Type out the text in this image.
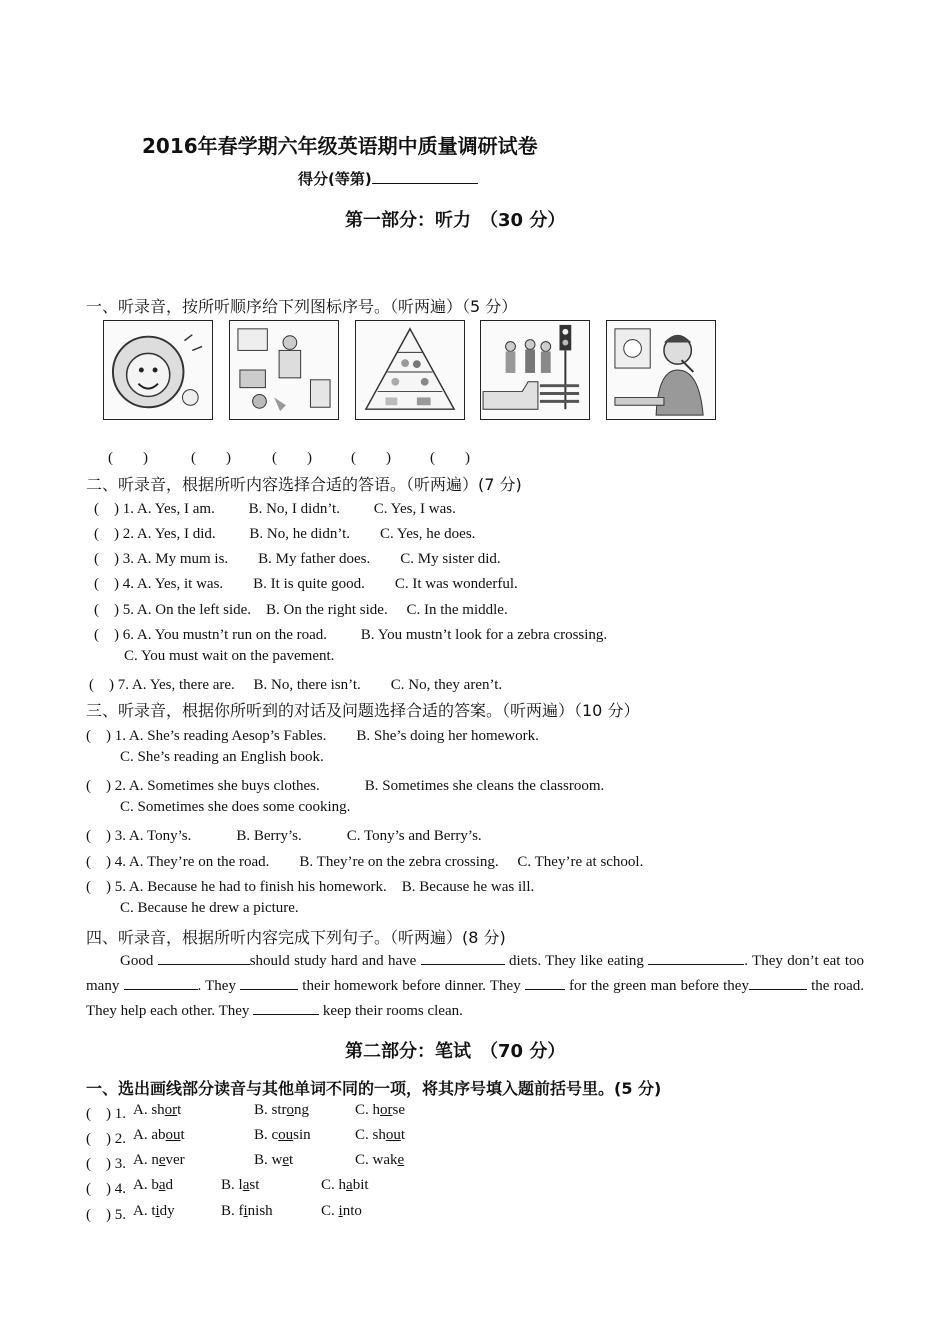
2016年春学期六年级英语期中质量调研试卷
得分(等第)
第一部分：听力　（30 分）
一、听录音，按所听顺序给下列图标序号。（听两遍）（5 分）
(　　)	(　　)	(　　)	(　　)	(　　)
二、听录音，根据所听内容选择合适的答语。（听两遍）(7 分)
(　) 1. A. Yes, I am.　　 B. No, I didn’t.　　 C. Yes, I was.
(　) 2. A. Yes, I did.　　 B. No, he didn’t.　　C. Yes, he does.
(　) 3. A. My mum is.　　B. My father does.　　C. My sister did.
(　) 4. A. Yes, it was.　　B. It is quite good.　　C. It was wonderful.
(　) 5. A. On the left side.　B. On the right side.　 C. In the middle.
(　) 6. A. You mustn’t run on the road.　　 B. You mustn’t look for a zebra crossing.
C. You must wait on the pavement.
(　) 7. A. Yes, there are.　 B. No, there isn’t.　　C. No, they aren’t.
三、听录音，根据你所听到的对话及问题选择合适的答案。（听两遍）（10 分）
(　) 1. A. She’s reading Aesop’s Fables.　　B. She’s doing her homework.
C. She’s reading an English book.
(　) 2. A. Sometimes she buys clothes.　　　B. Sometimes she cleans the classroom.
C. Sometimes she does some cooking.
(　) 3. A. Tony’s.　　　B. Berry’s.　　　C. Tony’s and Berry’s.
(　) 4. A. They’re on the road.　　B. They’re on the zebra crossing.　 C. They’re at school.
(　) 5. A. Because he had to finish his homework.　B. Because he was ill.
C. Because he drew a picture.
四、听录音，根据所听内容完成下列句子。（听两遍）(8 分)
Good	should study hard and have	diets. They like eating	. They don’t eat too many	. They	their homework before dinner. They	for the green man before they	the road. They help each other. They	keep their rooms clean.
第二部分：笔试　（70 分）
一、选出画线部分读音与其他单词不同的一项，将其序号填入题前括号里。(5 分)
(　) 1. A. short	B. strong	C. horse
(　) 2. A. about	B. cousin	C. shout
(　) 3. A. never	B. wet	C. wake
(　) 4. A. bad	B. last	C. habit
(　) 5. A. tidy	B. finish	C. into
